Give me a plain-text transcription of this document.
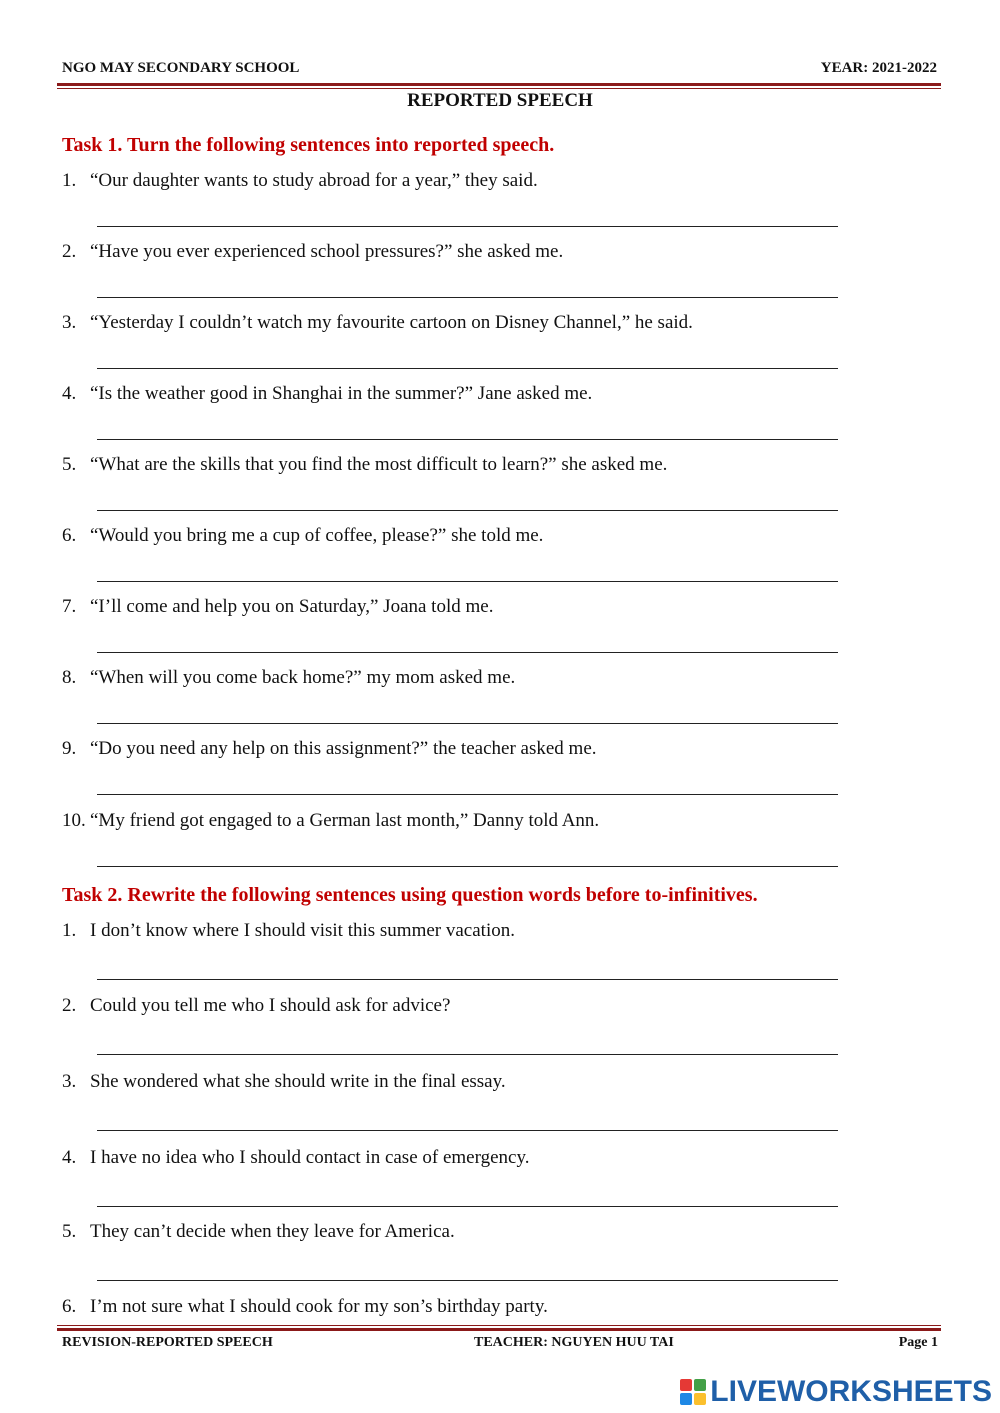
NGO MAY SECONDARY SCHOOL	YEAR: 2021-2022
REPORTED SPEECH
Task 1. Turn the following sentences into reported speech.
1. “Our daughter wants to study abroad for a year,” they said.
2. “Have you ever experienced school pressures?” she asked me.
3. “Yesterday I couldn’t watch my favourite cartoon on Disney Channel,” he said.
4. “Is the weather good in Shanghai in the summer?” Jane asked me.
5. “What are the skills that you find the most difficult to learn?” she asked me.
6. “Would you bring me a cup of coffee, please?” she told me.
7. “I’ll come and help you on Saturday,” Joana told me.
8. “When will you come back home?” my mom asked me.
9. “Do you need any help on this assignment?” the teacher asked me.
10. “My friend got engaged to a German last month,” Danny told Ann.
Task 2. Rewrite the following sentences using question words before to-infinitives.
1. I don’t know where I should visit this summer vacation.
2. Could you tell me who I should ask for advice?
3. She wondered what she should write in the final essay.
4. I have no idea who I should contact in case of emergency.
5. They can’t decide when they leave for America.
6. I’m not sure what I should cook for my son’s birthday party.
REVISION-REPORTED SPEECH	TEACHER: NGUYEN HUU TAI	Page 1
LIVEWORKSHEETS
